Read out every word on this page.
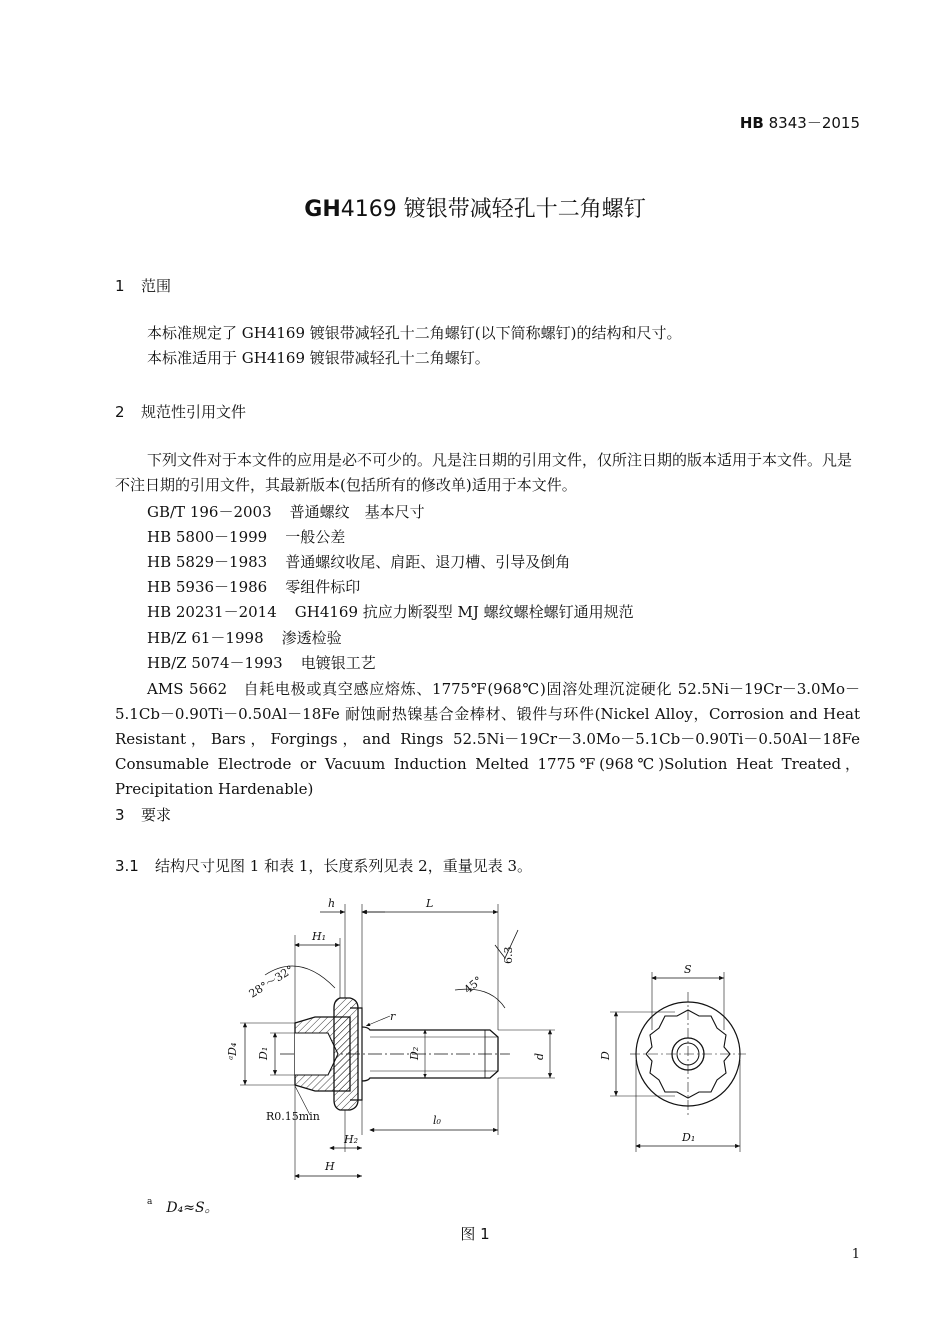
HB 8343－2015
GH4169 镀银带减轻孔十二角螺钉
1 范围
本标准规定了 GH4169 镀银带减轻孔十二角螺钉(以下简称螺钉)的结构和尺寸。
本标准适用于 GH4169 镀银带减轻孔十二角螺钉。
2 规范性引用文件
下列文件对于本文件的应用是必不可少的。凡是注日期的引用文件，仅所注日期的版本适用于本文件。凡是不注日期的引用文件，其最新版本(包括所有的修改单)适用于本文件。
GB/T 196－2003 普通螺纹　基本尺寸
HB 5800－1999 一般公差
HB 5829－1983 普通螺纹收尾、肩距、退刀槽、引导及倒角
HB 5936－1986 零组件标印
HB 20231－2014 GH4169 抗应力断裂型 MJ 螺纹螺栓螺钉通用规范
HB/Z 61－1998 渗透检验
HB/Z 5074－1993 电镀银工艺
AMS 5662　自耗电极或真空感应熔炼、1775℉(968℃)固溶处理沉淀硬化 52.5Ni－19Cr－3.0Mo－5.1Cb－0.90Ti－0.50Al－18Fe 耐蚀耐热镍基合金棒材、锻件与环件(Nickel Alloy，Corrosion and Heat Resistant，Bars，Forgings，and Rings 52.5Ni－19Cr－3.0Mo－5.1Cb－0.90Ti－0.50Al－18Fe Consumable Electrode or Vacuum Induction Melted 1775℉(968℃)Solution Heat Treated，Precipitation Hardenable)
3 要求
3.1 结构尺寸见图 1 和表 1，长度系列见表 2，重量见表 3。
h	L
H₁
6.3
28°～32°	45°
r
ᵃD₄ D₁	D₂	d
R0.15min	l₀
H₂
H
S
D
D₁
$^a$ D₄≈S。
图 1
1
